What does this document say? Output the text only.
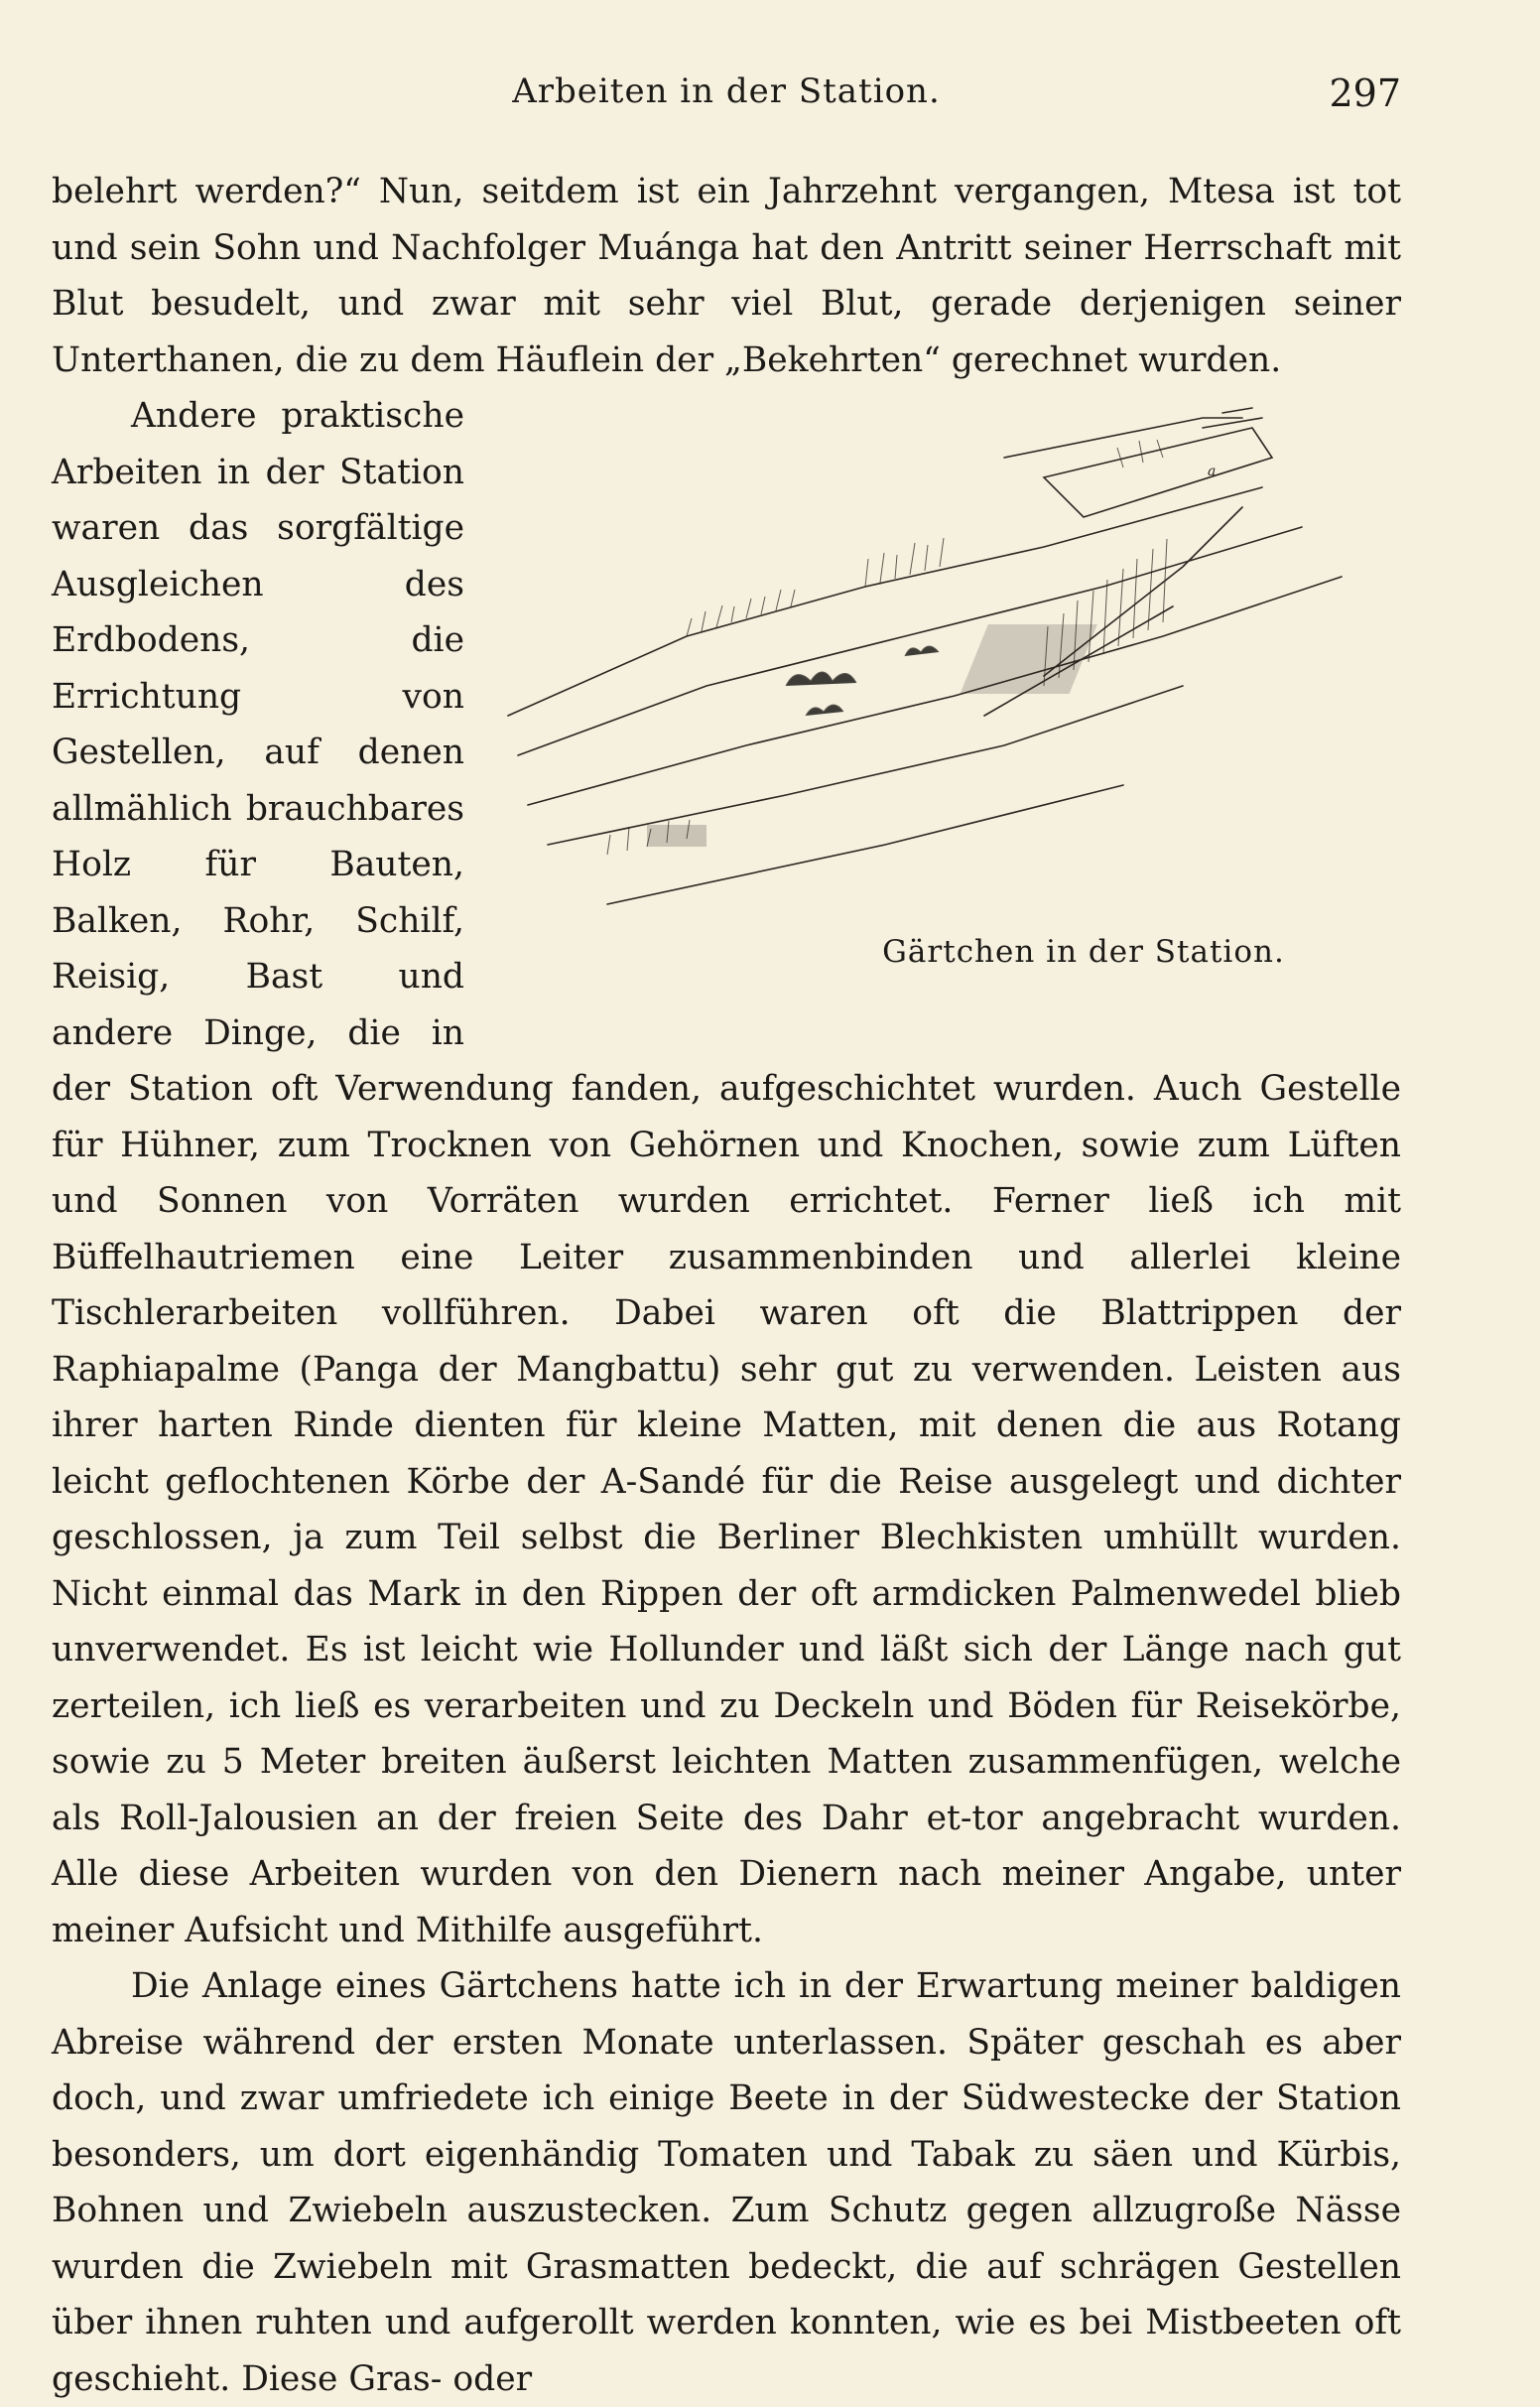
Arbeiten in der Station.	297

belehrt werden?“ Nun, seitdem ist ein Jahrzehnt vergangen, Mtesa ist tot und sein Sohn und Nachfolger Muánga hat den Antritt seiner Herrschaft mit Blut besudelt, und zwar mit sehr viel Blut, gerade derjenigen seiner Unterthanen, die zu dem Häuflein der „Bekehrten“ gerechnet wurden.

a
Gärtchen in der Station.

Andere praktische Arbeiten in der Station waren das sorgfältige Ausgleichen des Erdbodens, die Errichtung von Gestellen, auf denen allmählich brauchbares Holz für Bauten, Balken, Rohr, Schilf, Reisig, Bast und andere Dinge, die in der Station oft Verwendung fanden, aufgeschichtet wurden. Auch Gestelle für Hühner, zum Trocknen von Gehörnen und Knochen, sowie zum Lüften und Sonnen von Vorräten wurden errichtet. Ferner ließ ich mit Büffelhautriemen eine Leiter zusammenbinden und allerlei kleine Tischlerarbeiten vollführen. Dabei waren oft die Blattrippen der Raphiapalme (Panga der Mangbattu) sehr gut zu verwenden. Leisten aus ihrer harten Rinde dienten für kleine Matten, mit denen die aus Rotang leicht geflochtenen Körbe der A-Sandé für die Reise ausgelegt und dichter geschlossen, ja zum Teil selbst die Berliner Blechkisten umhüllt wurden. Nicht einmal das Mark in den Rippen der oft armdicken Palmenwedel blieb unverwendet. Es ist leicht wie Hollunder und läßt sich der Länge nach gut zerteilen, ich ließ es verarbeiten und zu Deckeln und Böden für Reisekörbe, sowie zu 5 Meter breiten äußerst leichten Matten zusammenfügen, welche als Roll-Jalousien an der freien Seite des Dahr et-tor angebracht wurden. Alle diese Arbeiten wurden von den Dienern nach meiner Angabe, unter meiner Aufsicht und Mithilfe ausgeführt.

Die Anlage eines Gärtchens hatte ich in der Erwartung meiner baldigen Abreise während der ersten Monate unterlassen. Später geschah es aber doch, und zwar umfriedete ich einige Beete in der Südwestecke der Station besonders, um dort eigenhändig Tomaten und Tabak zu säen und Kürbis, Bohnen und Zwiebeln auszustecken. Zum Schutz gegen allzugroße Nässe wurden die Zwiebeln mit Grasmatten bedeckt, die auf schrägen Gestellen über ihnen ruhten und aufgerollt werden konnten, wie es bei Mistbeeten oft geschieht. Diese Gras- oder
